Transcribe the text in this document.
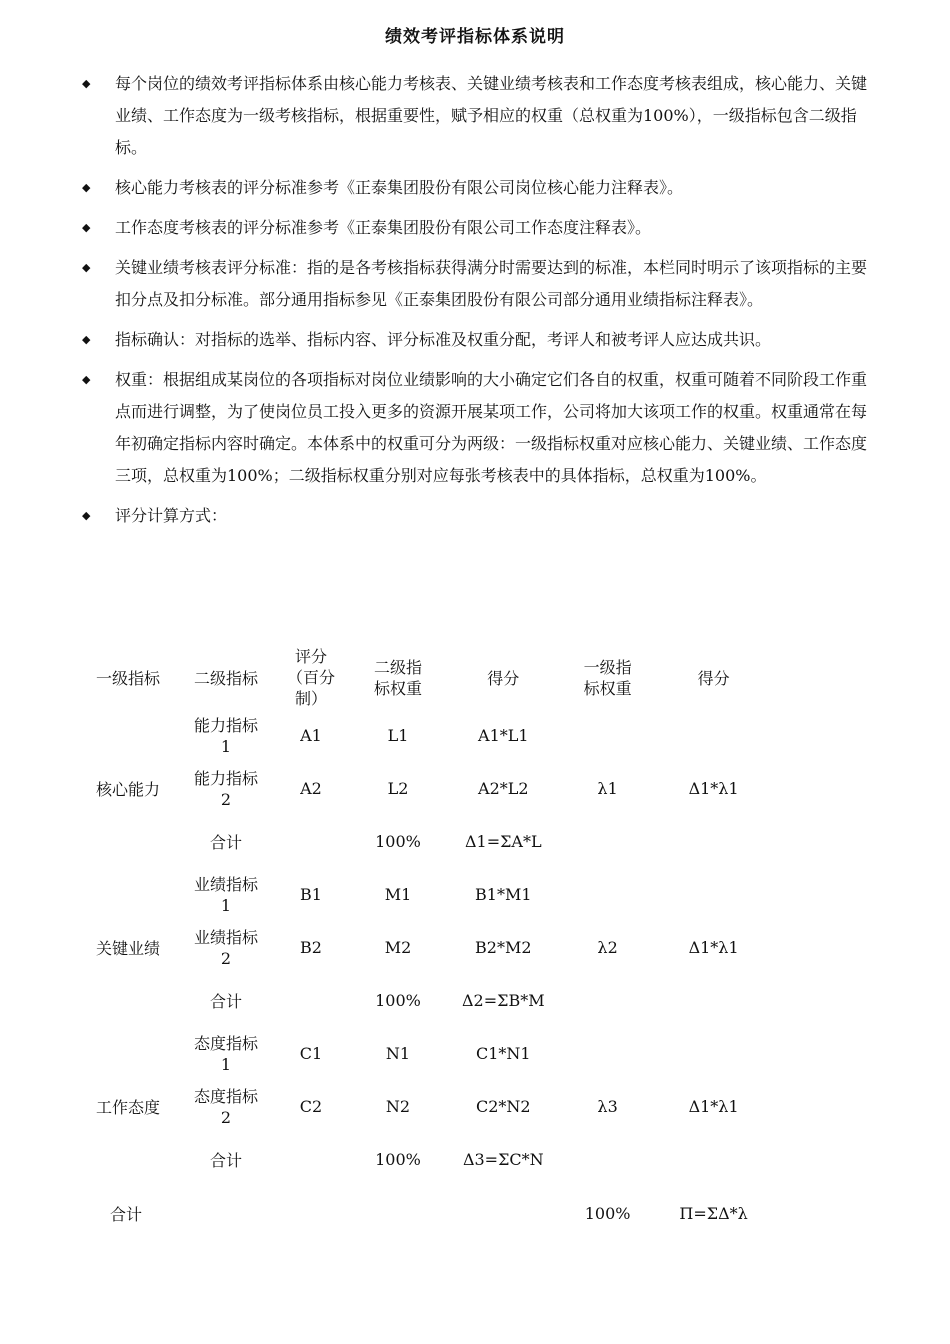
绩效考评指标体系说明
◆ 每个岗位的绩效考评指标体系由核心能力考核表、关键业绩考核表和工作态度考核表组成，核心能力、关键业绩、工作态度为一级考核指标，根据重要性，赋予相应的权重（总权重为100%），一级指标包含二级指标。
◆ 核心能力考核表的评分标准参考《正泰集团股份有限公司岗位核心能力注释表》。
◆ 工作态度考核表的评分标准参考《正泰集团股份有限公司工作态度注释表》。
◆ 关键业绩考核表评分标准：指的是各考核指标获得满分时需要达到的标准，本栏同时明示了该项指标的主要扣分点及扣分标准。部分通用指标参见《正泰集团股份有限公司部分通用业绩指标注释表》。
◆ 指标确认：对指标的选举、指标内容、评分标准及权重分配，考评人和被考评人应达成共识。
◆ 权重：根据组成某岗位的各项指标对岗位业绩影响的大小确定它们各自的权重，权重可随着不同阶段工作重点而进行调整，为了使岗位员工投入更多的资源开展某项工作，公司将加大该项工作的权重。权重通常在每年初确定指标内容时确定。本体系中的权重可分为两级：一级指标权重对应核心能力、关键业绩、工作态度三项，总权重为100%；二级指标权重分别对应每张考核表中的具体指标，总权重为100%。
◆ 评分计算方式：
一级指标	二级指标	评分（百分制）	二级指标权重	得分	一级指标权重	得分
核心能力	能力指标1	A1	L1	A1*L1	λ1	Δ1*λ1
	能力指标2	A2	L2	A2*L2		
	合计		100%	Δ1=ΣA*L		
关键业绩	业绩指标1	B1	M1	B1*M1	λ2	Δ1*λ1
	业绩指标2	B2	M2	B2*M2		
	合计		100%	Δ2=ΣB*M		
工作态度	态度指标1	C1	N1	C1*N1	λ3	Δ1*λ1
	态度指标2	C2	N2	C2*N2		
	合计		100%	Δ3=ΣC*N		
合计					100%	Π=ΣΔ*λ
